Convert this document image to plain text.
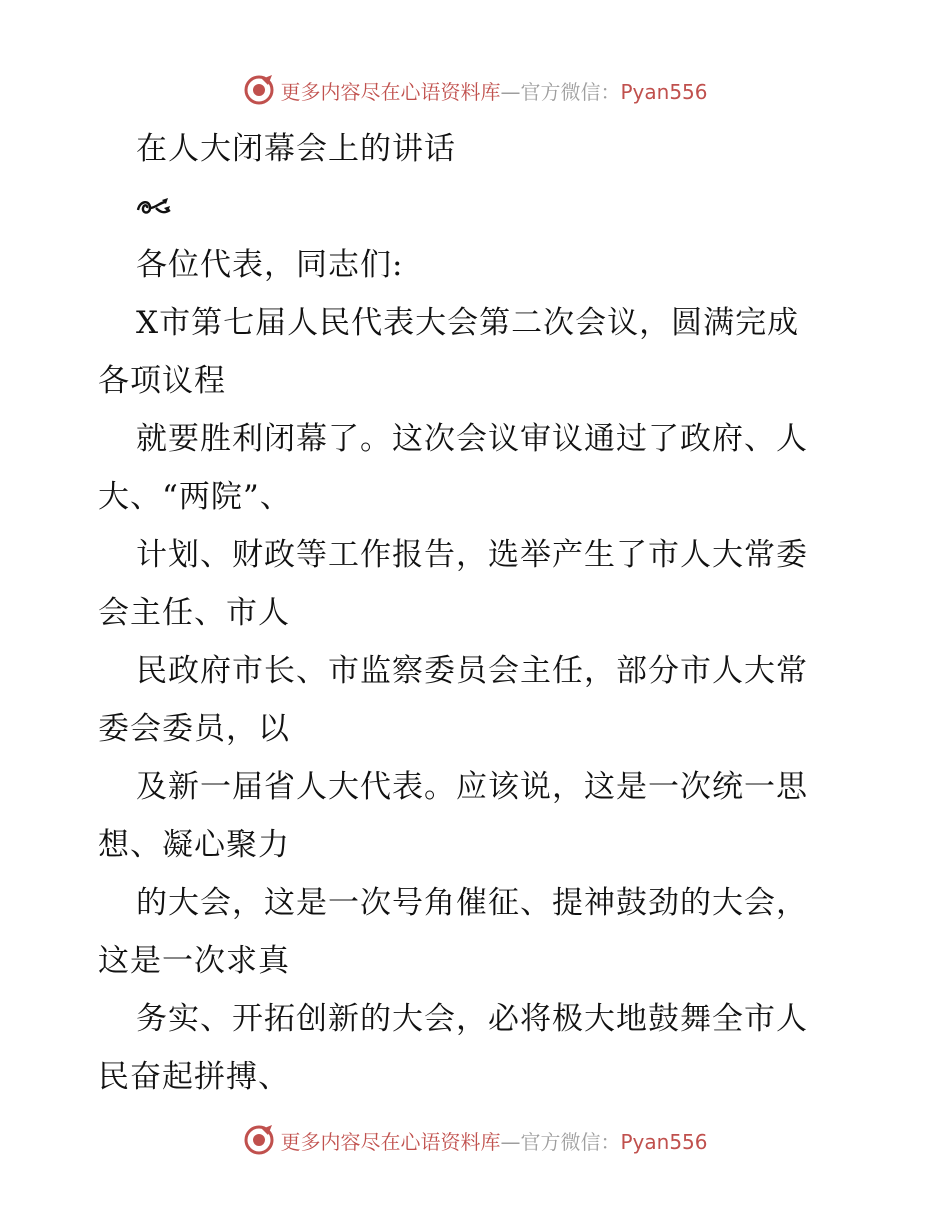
更多内容尽在心语资料库—官方微信：Pyan556
在人大闭幕会上的讲话
各位代表，同志们:
X市第七届人民代表大会第二次会议，圆满完成
各项议程
就要胜利闭幕了。这次会议审议通过了政府、人
大、“两院”、
计划、财政等工作报告，选举产生了市人大常委
会主任、市人
民政府市长、市监察委员会主任，部分市人大常
委会委员，以
及新一届省人大代表。应该说，这是一次统一思
想、凝心聚力
的大会，这是一次号角催征、提神鼓劲的大会，
这是一次求真
务实、开拓创新的大会，必将极大地鼓舞全市人
民奋起拼搏、
更多内容尽在心语资料库—官方微信：Pyan556
